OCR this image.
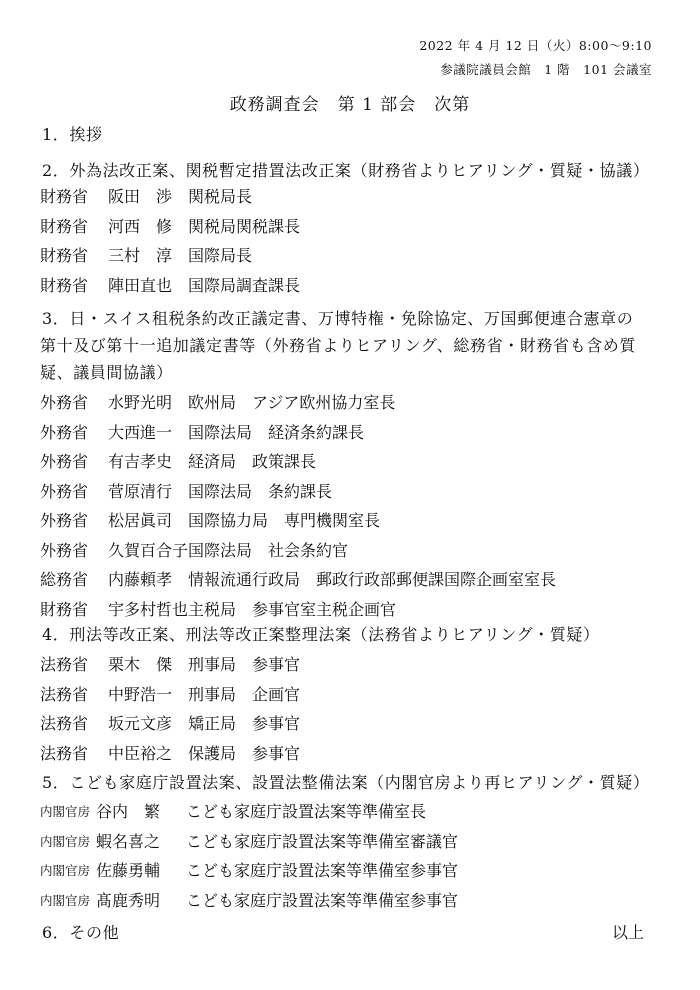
2022 年 4 月 12 日（火）8:00～9:10
参議院議員会館　1 階　101 会議室
政務調査会　第 1 部会　次第
1．挨拶
2．外為法改正案、関税暫定措置法改正案（財務省よりヒアリング・質疑・協議）
財務省 阪田　渉 関税局長
財務省 河西　修 関税局関税課長
財務省 三村　淳 国際局長
財務省 陣田直也 国際局調査課長
3．日・スイス租税条約改正議定書、万博特権・免除協定、万国郵便連合憲章の
第十及び第十一追加議定書等（外務省よりヒアリング、総務省・財務省も含め質
疑、議員間協議）
外務省 水野光明 欧州局　アジア欧州協力室長
外務省 大西進一 国際法局　経済条約課長
外務省 有吉孝史 経済局　政策課長
外務省 菅原清行 国際法局　条約課長
外務省 松居眞司 国際協力局　専門機関室長
外務省 久賀百合子 国際法局　社会条約官
総務省 内藤頼孝 情報流通行政局　郵政行政部郵便課国際企画室室長
財務省 宇多村哲也 主税局　参事官室主税企画官
4．刑法等改正案、刑法等改正案整理法案（法務省よりヒアリング・質疑）
法務省 栗木　傑 刑事局　参事官
法務省 中野浩一 刑事局　企画官
法務省 坂元文彦 矯正局　参事官
法務省 中臣裕之 保護局　参事官
5．こども家庭庁設置法案、設置法整備法案（内閣官房より再ヒアリング・質疑）
内閣官房 谷内　繁 こども家庭庁設置法案等準備室長
内閣官房 蝦名喜之 こども家庭庁設置法案等準備室審議官
内閣官房 佐藤勇輔 こども家庭庁設置法案等準備室参事官
内閣官房 髙鹿秀明 こども家庭庁設置法案等準備室参事官
6．その他	以上
